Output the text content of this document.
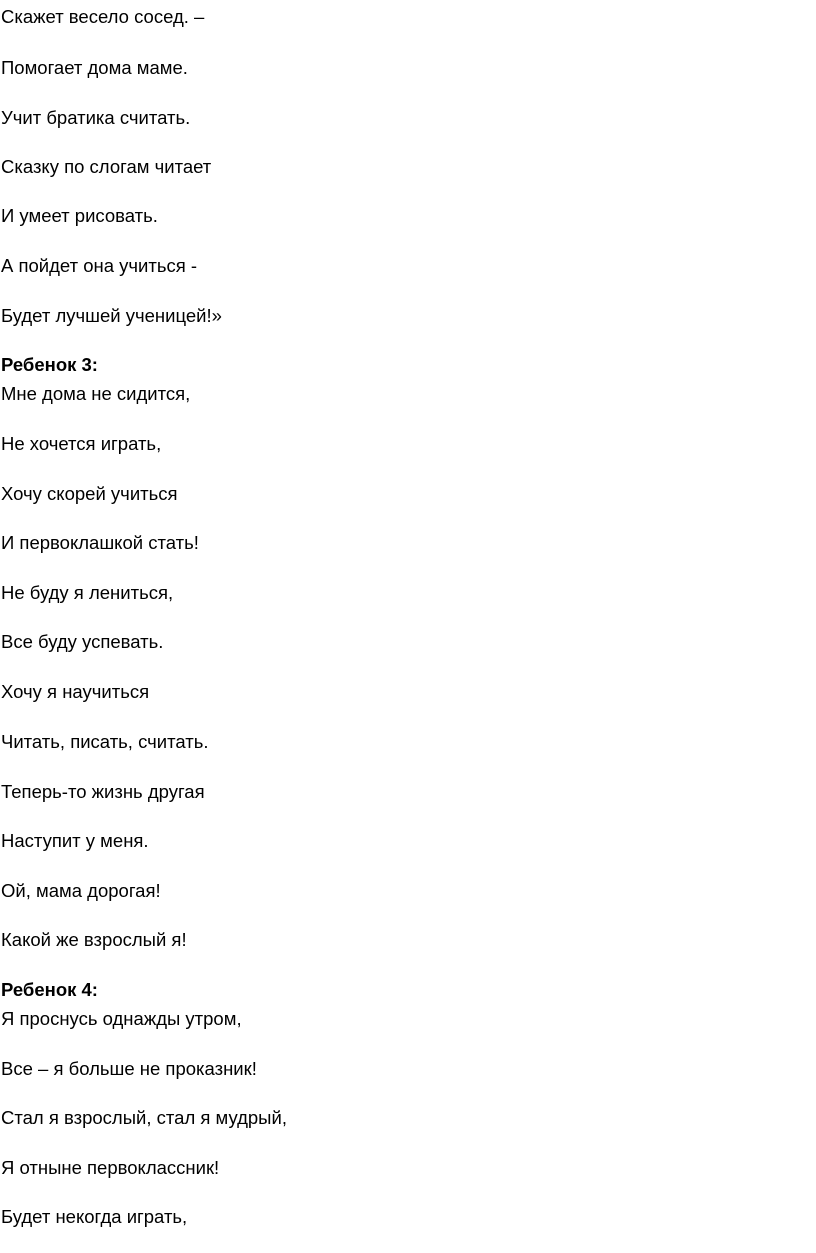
Скажет весело сосед. –

Помогает дома маме.

Учит братика считать.

Сказку по слогам читает

И умеет рисовать.

А пойдет она учиться -

Будет лучшей ученицей!»

Ребенок 3:

Мне дома не сидится,

Не хочется играть,

Хочу скорей учиться

И первоклашкой стать!

Не буду я лениться,

Все буду успевать.

Хочу я научиться

Читать, писать, считать.

Теперь-то жизнь другая

Наступит у меня.

Ой, мама дорогая!

Какой же взрослый я!

Ребенок 4:

Я проснусь однажды утром,

Все – я больше не проказник!

Стал я взрослый, стал я мудрый,

Я отныне первоклассник!

Будет некогда играть,
